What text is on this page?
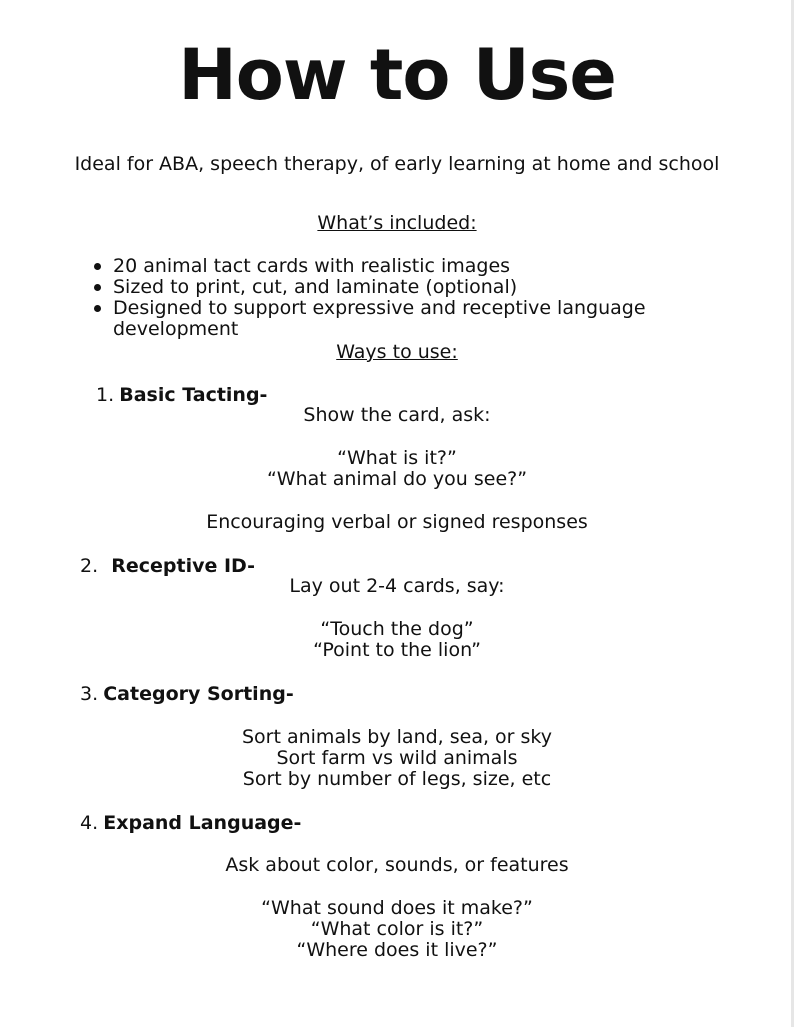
How to Use
Ideal for ABA, speech therapy, of early learning at home and school
What’s included:
20 animal tact cards with realistic images
Sized to print, cut, and laminate (optional)
Designed to support expressive and receptive language
development
Ways to use:
1. Basic Tacting-
Show the card, ask:
“What is it?”
“What animal do you see?”
Encouraging verbal or signed responses
2. Receptive ID-
Lay out 2-4 cards, say:
“Touch the dog”
“Point to the lion”
3. Category Sorting-
Sort animals by land, sea, or sky
Sort farm vs wild animals
Sort by number of legs, size, etc
4. Expand Language-
Ask about color, sounds, or features
“What sound does it make?”
“What color is it?”
“Where does it live?”
